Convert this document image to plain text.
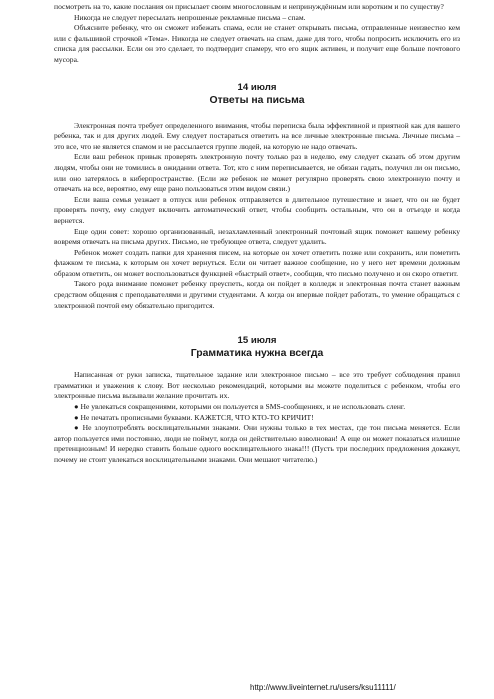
посмотреть на то, какие послания он присылает своим многословным и непринуждённым или коротким и по существу?

Никогда не следует пересылать непрошеные рекламные письма – спам.

Объясните ребенку, что он сможет избежать спама, если не станет открывать письма, отправленные неизвестно кем или с фальшивой строчкой «Тема». Никогда не следует отвечать на спам, даже для того, чтобы попросить исключить его из списка для рассылки. Если он это сделает, то подтвердит спамеру, что его ящик активен, и получит еще больше почтового мусора.

14 июля
Ответы на письма

Электронная почта требует определенного внимания, чтобы переписка была эффективной и приятной как для вашего ребенка, так и для других людей. Ему следует постараться ответить на все личные электронные письма. Личные письма – это все, что не является спамом и не рассылается группе людей, на которую не надо отвечать.

Если ваш ребенок привык проверять электронную почту только раз в неделю, ему следует сказать об этом другим людям, чтобы они не томились в ожидании ответа. Тот, кто с ним переписывается, не обязан гадать, получил ли он письмо, или оно затерялось в киберпространстве. (Если же ребенок не может регулярно проверять свою электронную почту и отвечать на все, вероятно, ему еще рано пользоваться этим видом связи.)

Если ваша семья уезжает в отпуск или ребенок отправляется в длительное путешествие и знает, что он не будет проверять почту, ему следует включить автоматический ответ, чтобы сообщить остальным, что он в отъезде и когда вернется.

Еще один совет: хорошо организованный, незахламленный электронный почтовый ящик поможет вашему ребенку вовремя отвечать на письма других. Письмо, не требующее ответа, следует удалить.

Ребенок может создать папки для хранения писем, на которые он хочет ответить позже или сохранить, или пометить флажком те письма, к которым он хочет вернуться. Если он читает важное сообщение, но у него нет времени должным образом ответить, он может воспользоваться функцией «быстрый ответ», сообщив, что письмо получено и он скоро ответит.

Такого рода внимание поможет ребенку преуспеть, когда он пойдет в колледж и электронная почта станет важным средством общения с преподавателями и другими студентами. А когда он впервые пойдет работать, то умение обращаться с электронной почтой ему обязательно пригодится.

15 июля
Грамматика нужна всегда

Написанная от руки записка, тщательное задание или электронное письмо – все это требует соблюдения правил грамматики и уважения к слову. Вот несколько рекомендаций, которыми вы можете поделиться с ребенком, чтобы его электронные письма вызывали желание прочитать их.

● Не увлекаться сокращениями, которыми он пользуется в SMS-сообщениях, и не использовать сленг.

● Не печатать прописными буквами. КАЖЕТСЯ, ЧТО КТО-ТО КРИЧИТ!

● Не злоупотреблять восклицательными знаками. Они нужны только в тех местах, где тон письма меняется. Если автор пользуется ими постоянно, люди не поймут, когда он действительно взволнован! А еще он может показаться излишне претенциозным! И нередко ставить больше одного восклицательного знака!!! (Пусть три последних предложения докажут, почему не стоит увлекаться восклицательными знаками. Они мешают читателю.)

http://www.liveinternet.ru/users/ksu11111/
